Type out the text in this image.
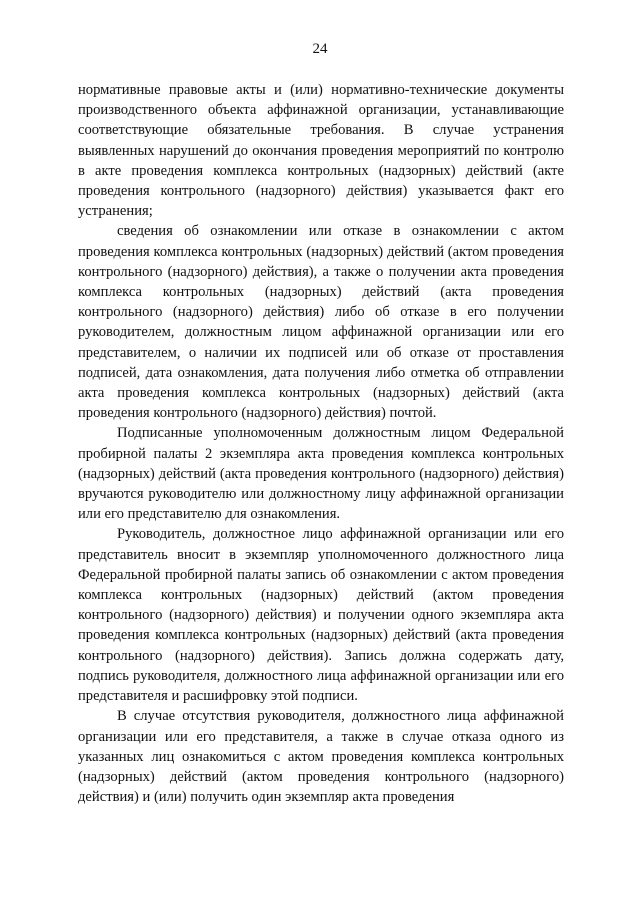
24

нормативные правовые акты и (или) нормативно-технические документы производственного объекта аффинажной организации, устанавливающие соответствующие обязательные требования. В случае устранения выявленных нарушений до окончания проведения мероприятий по контролю в акте проведения комплекса контрольных (надзорных) действий (акте проведения контрольного (надзорного) действия) указывается факт его устранения;

сведения об ознакомлении или отказе в ознакомлении с актом проведения комплекса контрольных (надзорных) действий (актом проведения контрольного (надзорного) действия), а также о получении акта проведения комплекса контрольных (надзорных) действий (акта проведения контрольного (надзорного) действия) либо об отказе в его получении руководителем, должностным лицом аффинажной организации или его представителем, о наличии их подписей или об отказе от проставления подписей, дата ознакомления, дата получения либо отметка об отправлении акта проведения комплекса контрольных (надзорных) действий (акта проведения контрольного (надзорного) действия) почтой.

Подписанные уполномоченным должностным лицом Федеральной пробирной палаты 2 экземпляра акта проведения комплекса контрольных (надзорных) действий (акта проведения контрольного (надзорного) действия) вручаются руководителю или должностному лицу аффинажной организации или его представителю для ознакомления.

Руководитель, должностное лицо аффинажной организации или его представитель вносит в экземпляр уполномоченного должностного лица Федеральной пробирной палаты запись об ознакомлении с актом проведения комплекса контрольных (надзорных) действий (актом проведения контрольного (надзорного) действия) и получении одного экземпляра акта проведения комплекса контрольных (надзорных) действий (акта проведения контрольного (надзорного) действия). Запись должна содержать дату, подпись руководителя, должностного лица аффинажной организации или его представителя и расшифровку этой подписи.

В случае отсутствия руководителя, должностного лица аффинажной организации или его представителя, а также в случае отказа одного из указанных лиц ознакомиться с актом проведения комплекса контрольных (надзорных) действий (актом проведения контрольного (надзорного) действия) и (или) получить один экземпляр акта проведения
